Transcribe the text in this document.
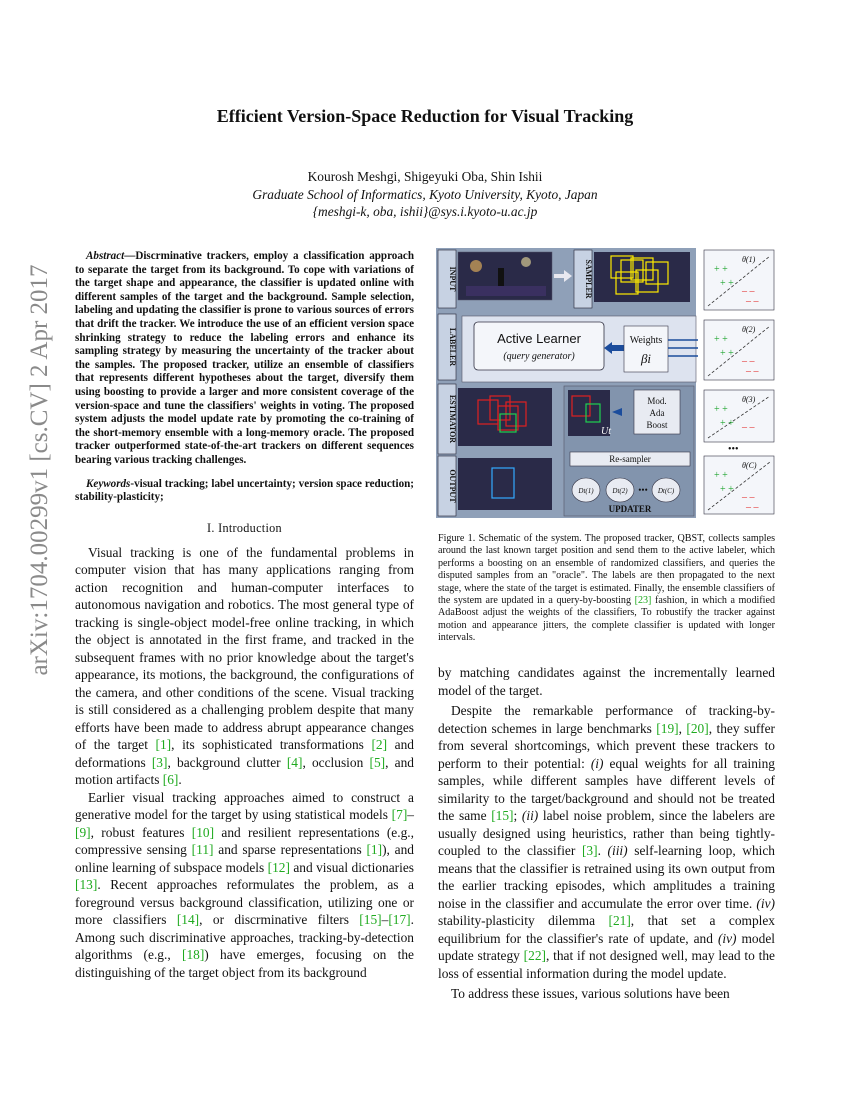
arXiv:1704.00299v1 [cs.CV] 2 Apr 2017
Efficient Version-Space Reduction for Visual Tracking
Kourosh Meshgi, Shigeyuki Oba, Shin Ishii
Graduate School of Informatics, Kyoto University, Kyoto, Japan
{meshgi-k, oba, ishii}@sys.i.kyoto-u.ac.jp

Abstract—Discrminative trackers, employ a classification approach to separate the target from its background. To cope with variations of the target shape and appearance, the classifier is updated online with different samples of the target and the background. Sample selection, labeling and updating the classifier is prone to various sources of errors that drift the tracker. We introduce the use of an efficient version space shrinking strategy to reduce the labeling errors and enhance its sampling strategy by measuring the uncertainty of the tracker about the samples. The proposed tracker, utilize an ensemble of classifiers that represents different hypotheses about the target, diversify them using boosting to provide a larger and more consistent coverage of the version-space and tune the classifiers' weights in voting. The proposed system adjusts the model update rate by promoting the co-training of the short-memory ensemble with a long-memory oracle. The proposed tracker outperformed state-of-the-art trackers on different sequences bearing various tracking challenges.

Keywords-visual tracking; label uncertainty; version space reduction; stability-plasticity;

I. Introduction

Visual tracking is one of the fundamental problems in computer vision that has many applications ranging from action recognition and human-computer interfaces to autonomous navigation and robotics. The most general type of tracking is single-object model-free online tracking, in which the object is annotated in the first frame, and tracked in the subsequent frames with no prior knowledge about the target's appearance, its motions, the background, the configurations of the camera, and other conditions of the scene. Visual tracking is still considered as a challenging problem despite that many efforts have been made to address abrupt appearance changes of the target [1], its sophisticated transformations [2] and deformations [3], background clutter [4], occlusion [5], and motion artifacts [6].

Earlier visual tracking approaches aimed to construct a generative model for the target by using statistical models [7]–[9], robust features [10] and resilient representations (e.g., compressive sensing [11] and sparse representations [1]), and online learning of subspace models [12] and visual dictionaries [13]. Recent approaches reformulates the problem, as a foreground versus background classification, utilizing one or more classifiers [14], or discrminative filters [15]–[17]. Among such discriminative approaches, tracking-by-detection algorithms (e.g., [18]) have emerges, focusing on the distinguishing of the target object from its background

INPUT	SAMPLER
LABELER	Active Learner
(query generator)
Weights
βi
ESTIMATOR	Ut
Mod.
Ada
Boost
Re-sampler
Dt(1)	Dt(2)	Dt(C)
•••
UPDATER
OUTPUT
θ(1)
+ +
+ +
– –
– –
θ(2)
+ +
+ +
– –
– –
θ(3)
+ +
+ + – –
•••
θ(C)
+ +
+ +
– –
– –
Figure 1. Schematic of the system. The proposed tracker, QBST, collects samples around the last known target position and send them to the active labeler, which performs a boosting on an ensemble of randomized classifiers, and queries the disputed samples from an "oracle". The labels are then propagated to the next stage, where the state of the target is estimated. Finally, the ensemble classifiers of the system are updated in a query-by-boosting [23] fashion, in which a modified AdaBoost adjust the weights of the classifiers, To robustify the tracker against motion and appearance jitters, the complete classifier is updated with longer intervals.

by matching candidates against the incrementally learned model of the target.

Despite the remarkable performance of tracking-by-detection schemes in large benchmarks [19], [20], they suffer from several shortcomings, which prevent these trackers to perform to their potential: (i) equal weights for all training samples, while different samples have different levels of similarity to the target/background and should not be treated the same [15]; (ii) label noise problem, since the labelers are usually designed using heuristics, rather than being tightly-coupled to the classifier [3]. (iii) self-learning loop, which means that the classifier is retrained using its own output from the earlier tracking episodes, which amplitudes a training noise in the classifier and accumulate the error over time. (iv) stability-plasticity dilemma [21], that set a complex equilibrium for the classifier's rate of update, and (iv) model update strategy [22], that if not designed well, may lead to the loss of essential information during the model update.

To address these issues, various solutions have been
